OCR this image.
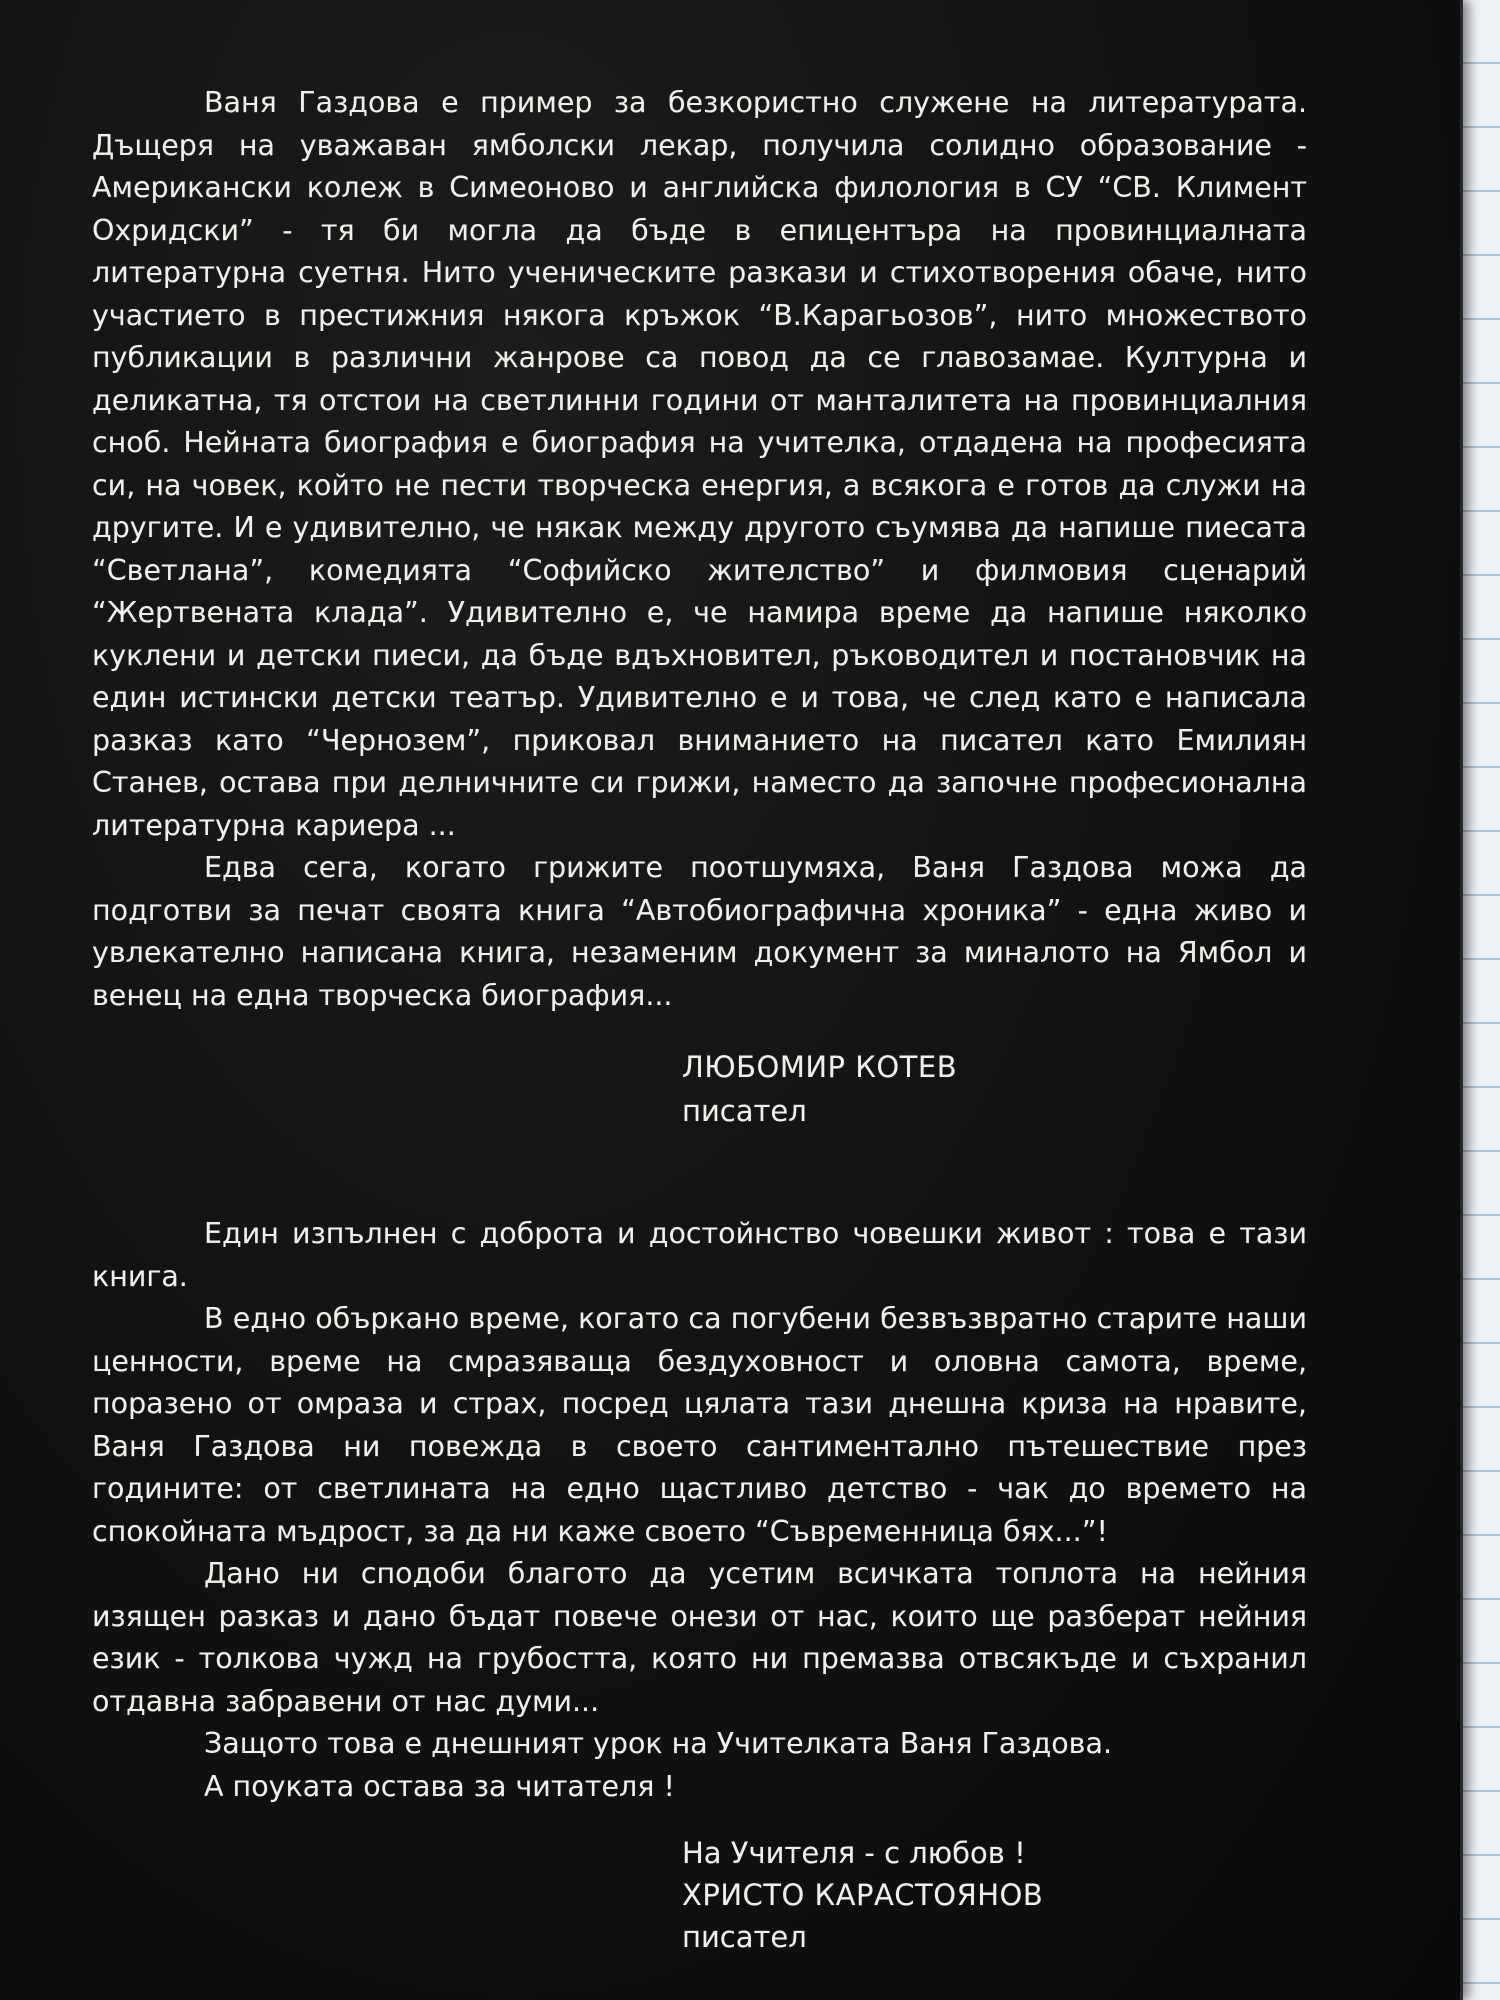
Ваня Газдова е пример за безкористно служене на литературата. Дъщеря на уважаван ямболски лекар, получила солидно образование - Американски колеж в Симеоново и английска филология в СУ “СВ. Климент Охридски” - тя би могла да бъде в епицентъра на провинциалната литературна суетня. Нито ученическите разкази и стихотворения обаче, нито участието в престижния някога кръжок “В.Карагьозов”, нито множеството публикации в различни жанрове са повод да се главозамае. Културна и деликатна, тя отстои на светлинни години от манталитета на провинциалния сноб. Нейната биография е биография на учителка, отдадена на професията си, на човек, който не пести творческа енергия, а всякога е готов да служи на другите. И е удивително, че някак между другото съумява да напише пиесата “Светлана”, комедията “Софийско жителство” и филмовия сценарий “Жертвената клада”. Удивително е, че намира време да напише няколко куклени и детски пиеси, да бъде вдъхновител, ръководител и постановчик на един истински детски театър. Удивително е и това, че след като е написала разказ като “Чернозем”, приковал вниманието на писател като Емилиян Станев, остава при делничните си грижи, наместо да започне професионална литературна кариера ...

Едва сега, когато грижите поотшумяха, Ваня Газдова можа да подготви за печат своята книга “Автобиографична хроника” - една живо и увлекателно написана книга, незаменим документ за миналото на Ямбол и венец на една творческа биография...

ЛЮБОМИР КОТЕВ
писател

Един изпълнен с доброта и достойнство човешки живот : това е тази книга.

В едно объркано време, когато са погубени безвъзвратно старите наши ценности, време на смразяваща бездуховност и оловна самота, време, поразено от омраза и страх, посред цялата тази днешна криза на нравите, Ваня Газдова ни повежда в своето сантиментално пътешествие през годините: от светлината на едно щастливо детство - чак до времето на спокойната мъдрост, за да ни каже своето “Съвременница бях...”!

Дано ни сподоби благото да усетим всичката топлота на нейния изящен разказ и дано бъдат повече онези от нас, които ще разберат нейния език - толкова чужд на грубостта, която ни премазва отвсякъде и съхранил отдавна забравени от нас думи...

Защото това е днешният урок на Учителката Ваня Газдова.

А поуката остава за читателя !

На Учителя - с любов !
ХРИСТО КАРАСТОЯНОВ
писател
